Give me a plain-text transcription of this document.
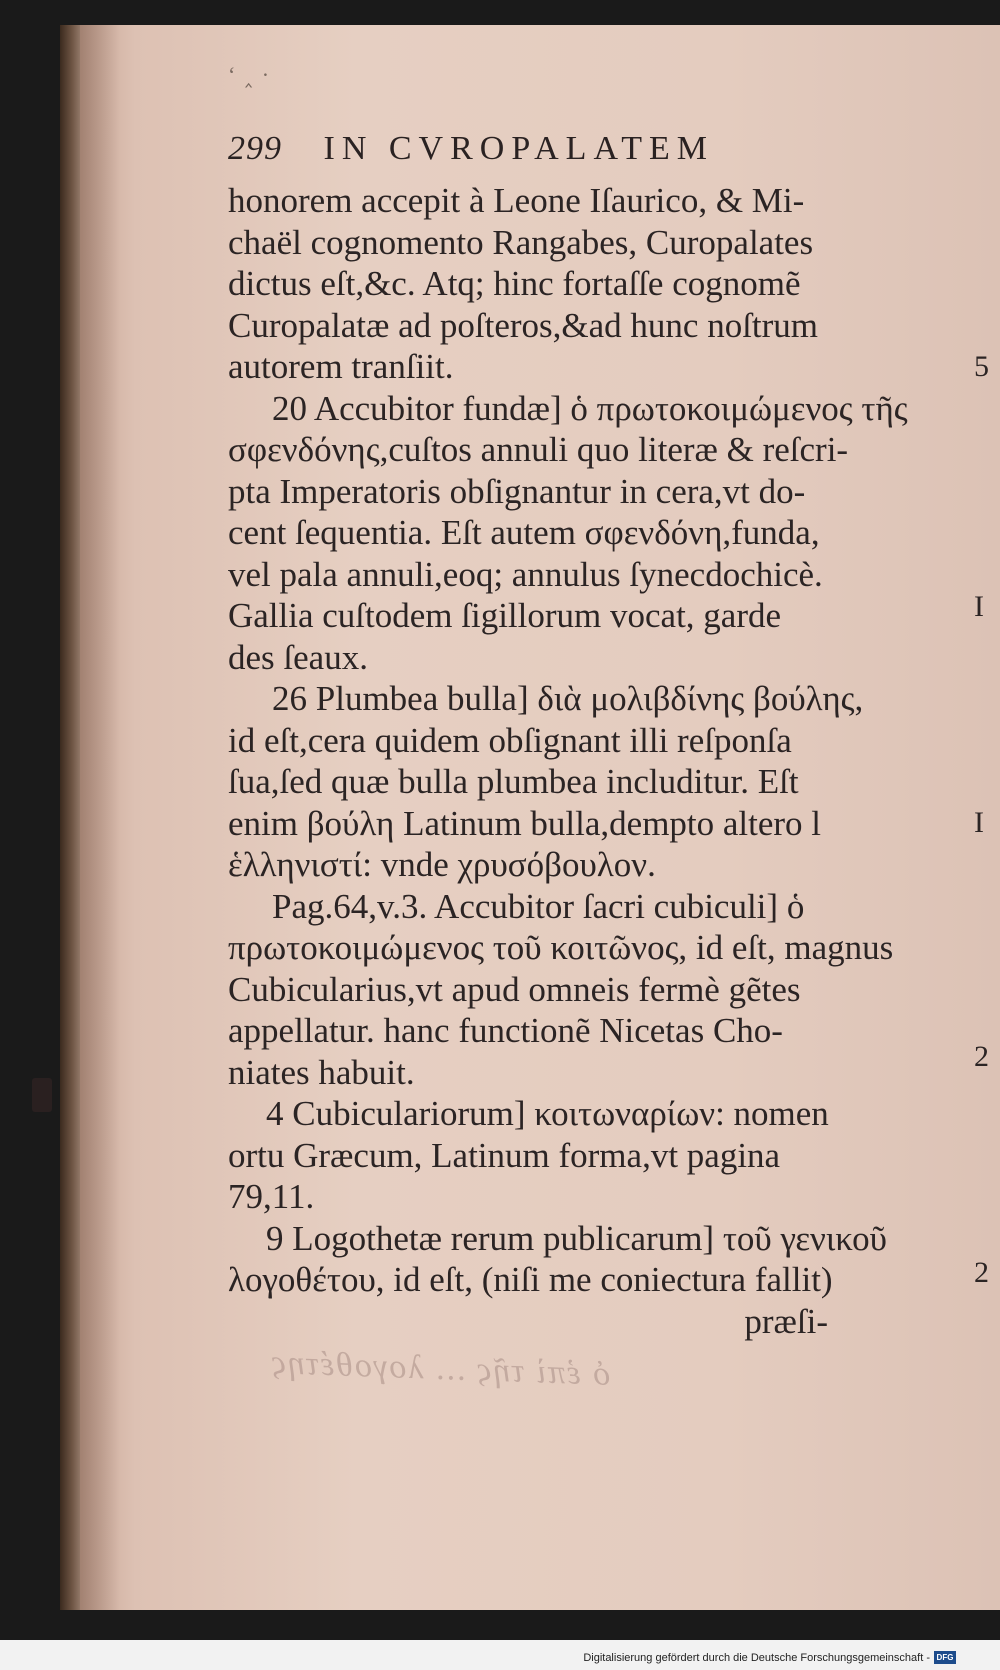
ʻ ‸ ·
299 IN CVROPALATEM
honorem accepit à Leone Iſaurico, & Mi-
chaël cognomento Rangabes, Curopalates
dictus eſt,&c. Atq; hinc fortaſſe cognomẽ
Curopalatæ ad poſteros,&ad hunc noſtrum
autorem tranſiit.
20 Accubitor fundæ] ὁ πρωτοκοιμώμενος τῆς
σφενδόνης,cuſtos annuli quo literæ & reſcri-
pta Imperatoris obſignantur in cera,vt do-
cent ſequentia. Eſt autem σφενδόνη,funda,
vel pala annuli,eoq; annulus ſynecdochicè.
Gallia cuſtodem ſigillorum vocat, garde
des ſeaux.
26 Plumbea bulla] διὰ μολιβδίνης βούλης,
id eſt,cera quidem obſignant illi reſponſa
ſua,ſed quæ bulla plumbea includitur. Eſt
enim βούλη Latinum bulla,dempto altero l
ἑλληνιστί: vnde χρυσόβουλον.
Pag.64,v.3. Accubitor ſacri cubiculi] ὁ
πρωτοκοιμώμενος τοῦ κοιτῶνος, id eſt, magnus
Cubicularius,vt apud omneis fermè gẽtes
appellatur. hanc functionẽ Nicetas Cho-
niates habuit.
4 Cubiculariorum] κοιτωναρίων: nomen
ortu Græcum, Latinum forma,vt pagina
79,11.
9 Logothetæ rerum publicarum] τοῦ γενικοῦ
λογοθέτου, id eſt, (niſi me coniectura fallit)
præſi-
5
I
I
2
2
ὁ ἐπὶ τῆς ... λογοθέτης
Digitalisierung gefördert durch die Deutsche Forschungsgemeinschaft - DFG
